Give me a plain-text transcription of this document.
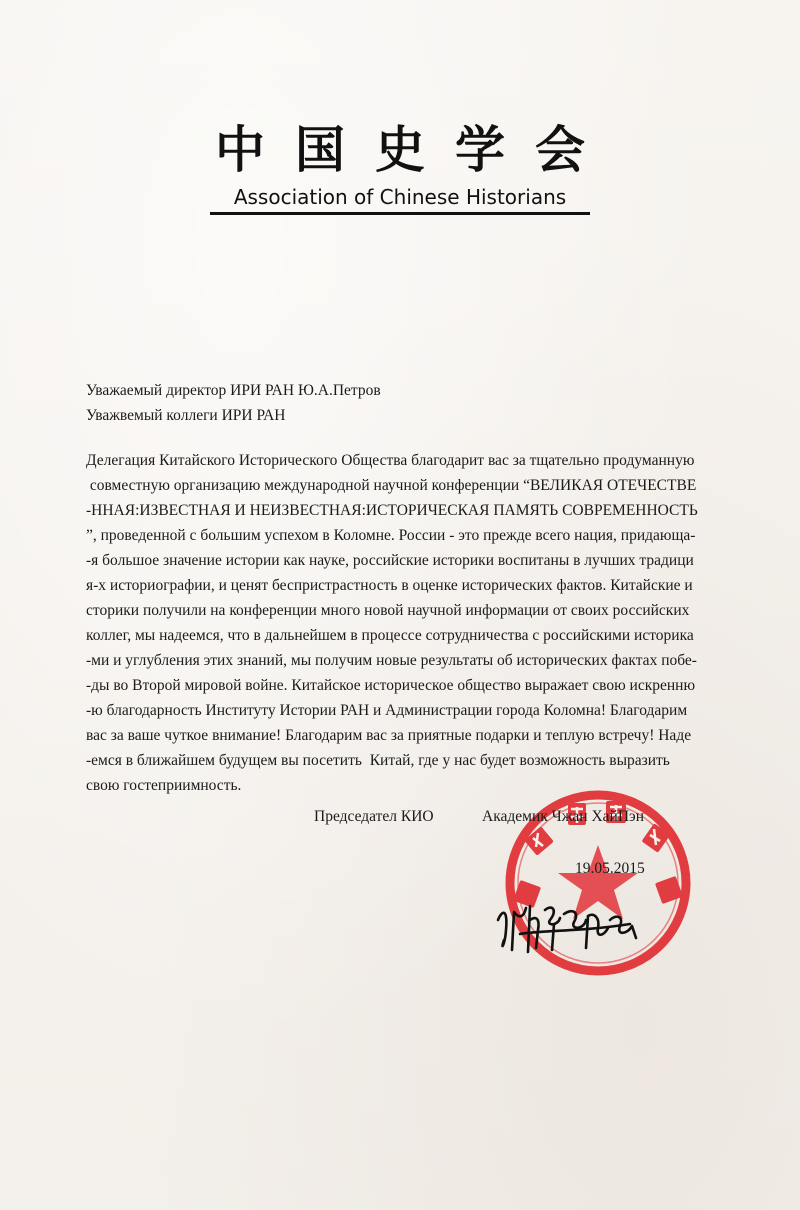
中 国 史 学 会
Association of Chinese Historians
Уважаемый директор ИРИ РАН Ю.А.Петров
Уважвемый коллеги ИРИ РАН
Делегация Китайского Исторического Общества благодарит вас за тщательно продуманную
совместную организацию международной научной конференции “ВЕЛИКАЯ ОТЕЧЕСТВЕ
-ННАЯ:ИЗВЕСТНАЯ И НЕИЗВЕСТНАЯ:ИСТОРИЧЕСКАЯ ПАМЯТЬ СОВРЕМЕННОСТЬ
”, проведенной с большим успехом в Коломне. России - это прежде всего нация, придающа-
-я большое значение истории как науке, российские историки воспитаны в лучших традици
я-х историографии, и ценят беспристрастность в оценке исторических фактов. Китайские и
сторики получили на конференции много новой научной информации от своих российских
коллег, мы надеемся, что в дальнейшем в процессе сотрудничества с российскими историка
-ми и углубления этих знаний, мы получим новые результаты об исторических фактах побе-
-ды во Второй мировой войне. Китайское историческое общество выражает свою искренню
-ю благодарность Институту Истории РАН и Администрации города Коломна! Благодарим
вас за ваше чуткое внимание! Благодарим вас за приятные подарки и теплую встречу! Наде
-емся в ближайшем будущем вы посетить  Китай, где у нас будет возможность выразить
свою гостеприимность.
Председател КИО	Академик Чжан ХайПэн
19.05.2015
